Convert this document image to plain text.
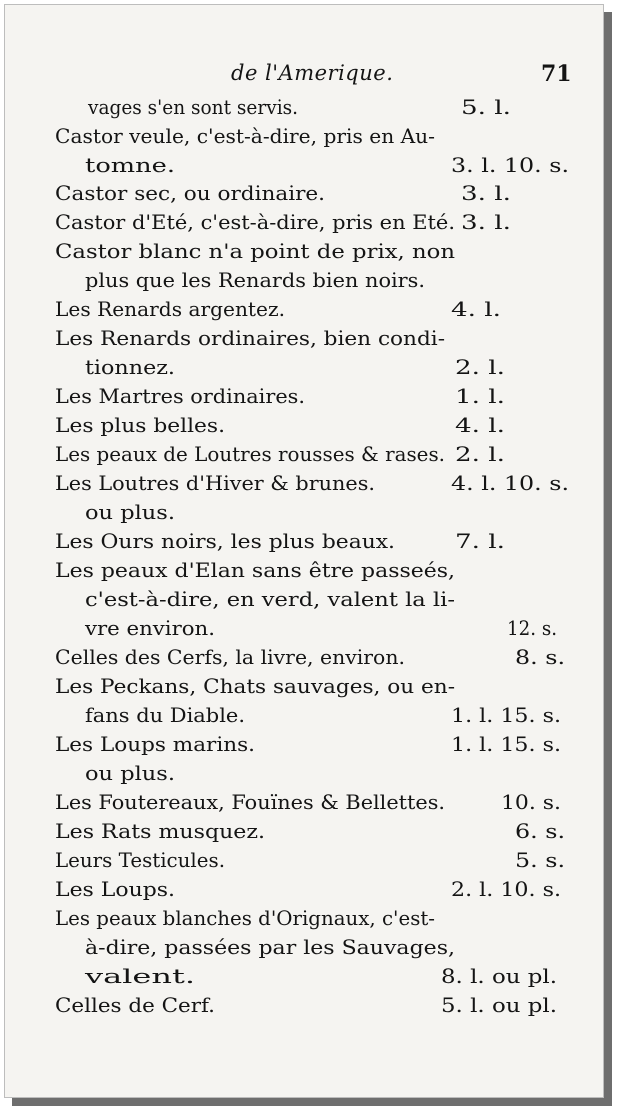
de l'Amerique.	71
vages s'en sont servis.	5. l.
Castor veule, c'est-à-dire, pris en Au-
tomne.	3. l. 10. s.
Castor sec, ou ordinaire.	3. l.
Castor d'Eté, c'est-à-dire, pris en Eté. 3. l.
Castor blanc n'a point de prix, non
plus que les Renards bien noirs.
Les Renards argentez.	4. l.
Les Renards ordinaires, bien condi-
tionnez.	2. l.
Les Martres ordinaires.	1. l.
Les plus belles.	4. l.
Les peaux de Loutres rousses & rases. 2. l.
Les Loutres d'Hiver & brunes.	4. l. 10. s.
ou plus.
Les Ours noirs, les plus beaux.	7. l.
Les peaux d'Elan sans être passeés,
c'est-à-dire, en verd, valent la li-
vre environ.	12. s.
Celles des Cerfs, la livre, environ.	8. s.
Les Peckans, Chats sauvages, ou en-
fans du Diable.	1. l. 15. s.
Les Loups marins.	1. l. 15. s.
ou plus.
Les Foutereaux, Fouïnes & Bellettes.	10. s.
Les Rats musquez.	6. s.
Leurs Testicules.	5. s.
Les Loups.	2. l. 10. s.
Les peaux blanches d'Orignaux, c'est-
à-dire, passées par les Sauvages,
valent.	8. l. ou pl.
Celles de Cerf.	5. l. ou pl.
